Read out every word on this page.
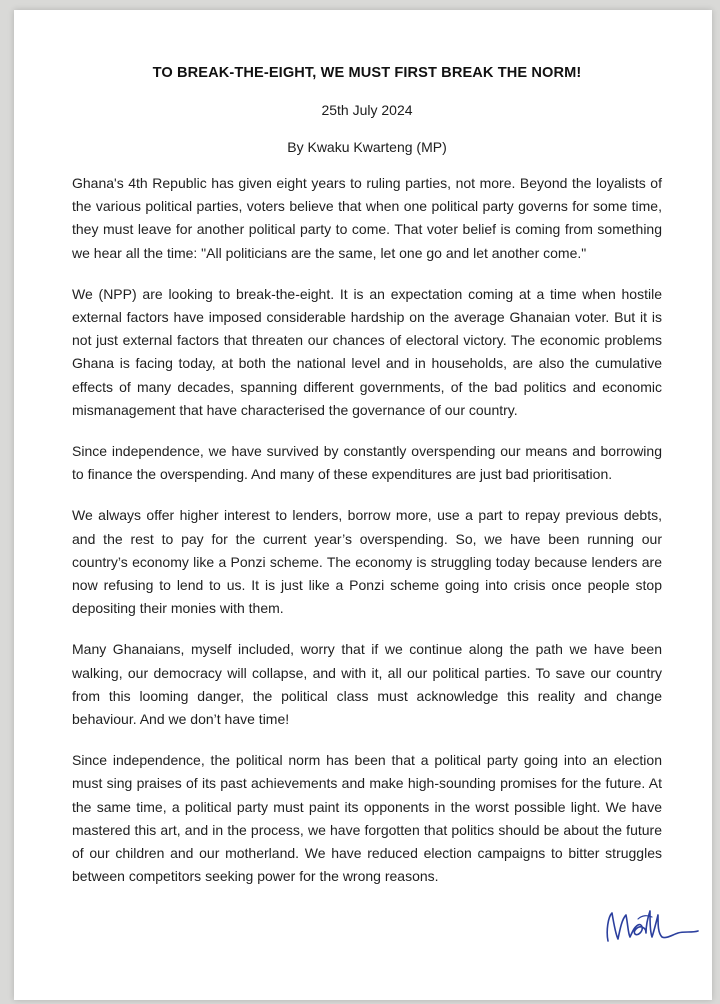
TO BREAK-THE-EIGHT, WE MUST FIRST BREAK THE NORM!
25th July 2024
By Kwaku Kwarteng (MP)

Ghana's 4th Republic has given eight years to ruling parties, not more. Beyond the loyalists of the various political parties, voters believe that when one political party governs for some time, they must leave for another political party to come. That voter belief is coming from something we hear all the time: "All politicians are the same, let one go and let another come."

We (NPP) are looking to break-the-eight. It is an expectation coming at a time when hostile external factors have imposed considerable hardship on the average Ghanaian voter. But it is not just external factors that threaten our chances of electoral victory. The economic problems Ghana is facing today, at both the national level and in households, are also the cumulative effects of many decades, spanning different governments, of the bad politics and economic mismanagement that have characterised the governance of our country.

Since independence, we have survived by constantly overspending our means and borrowing to finance the overspending. And many of these expenditures are just bad prioritisation.

We always offer higher interest to lenders, borrow more, use a part to repay previous debts, and the rest to pay for the current year’s overspending. So, we have been running our country’s economy like a Ponzi scheme. The economy is struggling today because lenders are now refusing to lend to us. It is just like a Ponzi scheme going into crisis once people stop depositing their monies with them.

Many Ghanaians, myself included, worry that if we continue along the path we have been walking, our democracy will collapse, and with it, all our political parties. To save our country from this looming danger, the political class must acknowledge this reality and change behaviour. And we don’t have time!

Since independence, the political norm has been that a political party going into an election must sing praises of its past achievements and make high-sounding promises for the future. At the same time, a political party must paint its opponents in the worst possible light. We have mastered this art, and in the process, we have forgotten that politics should be about the future of our children and our motherland. We have reduced election campaigns to bitter struggles between competitors seeking power for the wrong reasons.
